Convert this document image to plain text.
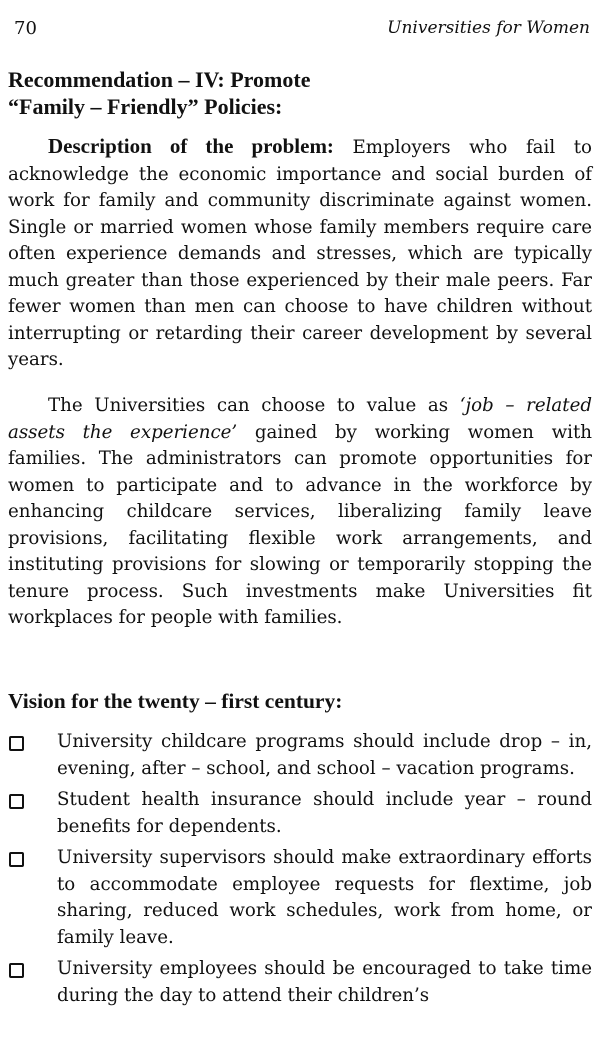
70	Universities for Women
Recommendation – IV: Promote
“Family – Friendly” Policies:

Description of the problem: Employers who fail to acknowledge the economic importance and social burden of work for family and community discriminate against women. Single or married women whose family members require care often experience demands and stresses, which are typically much greater than those experienced by their male peers. Far fewer women than men can choose to have children without interrupting or retarding their career development by several years.

The Universities can choose to value as ‘job – related assets the experience’ gained by working women with families. The administrators can promote opportunities for women to participate and to advance in the workforce by enhancing childcare services, liberalizing family leave provisions, facilitating flexible work arrangements, and instituting provisions for slowing or temporarily stopping the tenure process. Such investments make Universities fit workplaces for people with families.

Vision for the twenty – first century:
University childcare programs should include drop – in, evening, after – school, and school – vacation programs.
Student health insurance should include year – round benefits for dependents.
University supervisors should make extraordinary efforts to accommodate employee requests for flextime, job sharing, reduced work schedules, work from home, or family leave.
University employees should be encouraged to take time during the day to attend their children’s
